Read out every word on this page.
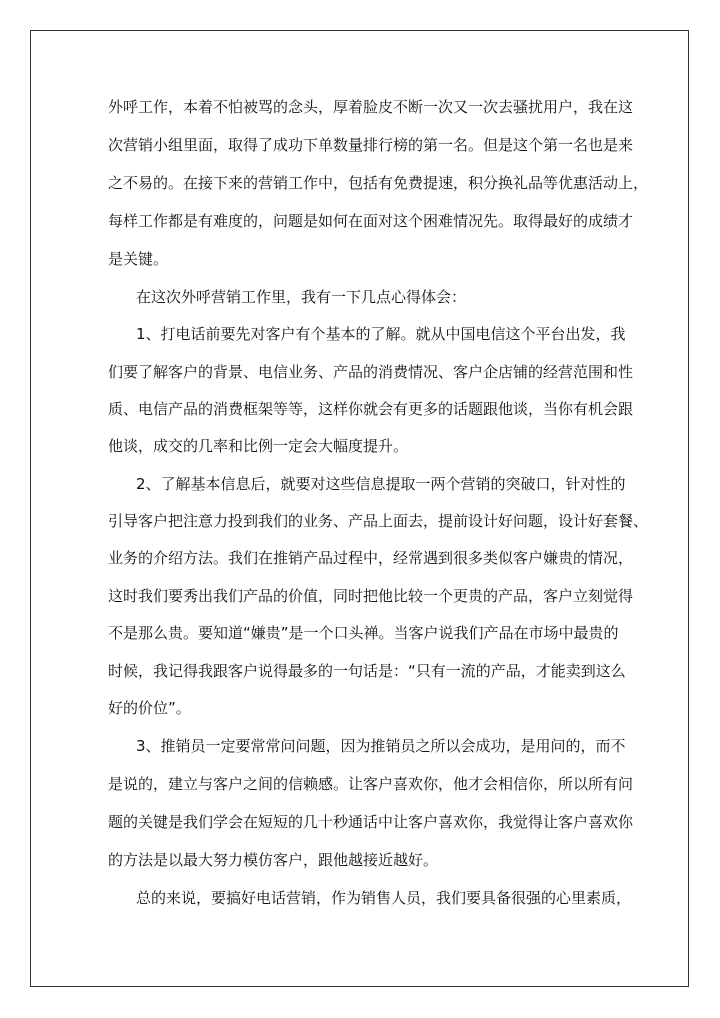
外呼工作，本着不怕被骂的念头，厚着脸皮不断一次又一次去骚扰用户，我在这
次营销小组里面，取得了成功下单数量排行榜的第一名。但是这个第一名也是来
之不易的。在接下来的营销工作中，包括有免费提速，积分换礼品等优惠活动上，
每样工作都是有难度的，问题是如何在面对这个困难情况先。取得最好的成绩才
是关键。
在这次外呼营销工作里，我有一下几点心得体会：
1、打电话前要先对客户有个基本的了解。就从中国电信这个平台出发，我
们要了解客户的背景、电信业务、产品的消费情况、客户企店铺的经营范围和性
质、电信产品的消费框架等等，这样你就会有更多的话题跟他谈，当你有机会跟
他谈，成交的几率和比例一定会大幅度提升。
2、了解基本信息后，就要对这些信息提取一两个营销的突破口，针对性的
引导客户把注意力投到我们的业务、产品上面去，提前设计好问题，设计好套餐、
业务的介绍方法。我们在推销产品过程中，经常遇到很多类似客户嫌贵的情况，
这时我们要秀出我们产品的价值，同时把他比较一个更贵的产品，客户立刻觉得
不是那么贵。要知道“嫌贵”是一个口头禅。当客户说我们产品在市场中最贵的
时候，我记得我跟客户说得最多的一句话是：“只有一流的产品，才能卖到这么
好的价位”。
3、推销员一定要常常问问题，因为推销员之所以会成功，是用问的，而不
是说的，建立与客户之间的信赖感。让客户喜欢你，他才会相信你，所以所有问
题的关键是我们学会在短短的几十秒通话中让客户喜欢你，我觉得让客户喜欢你
的方法是以最大努力模仿客户，跟他越接近越好。
总的来说，要搞好电话营销，作为销售人员，我们要具备很强的心里素质，
